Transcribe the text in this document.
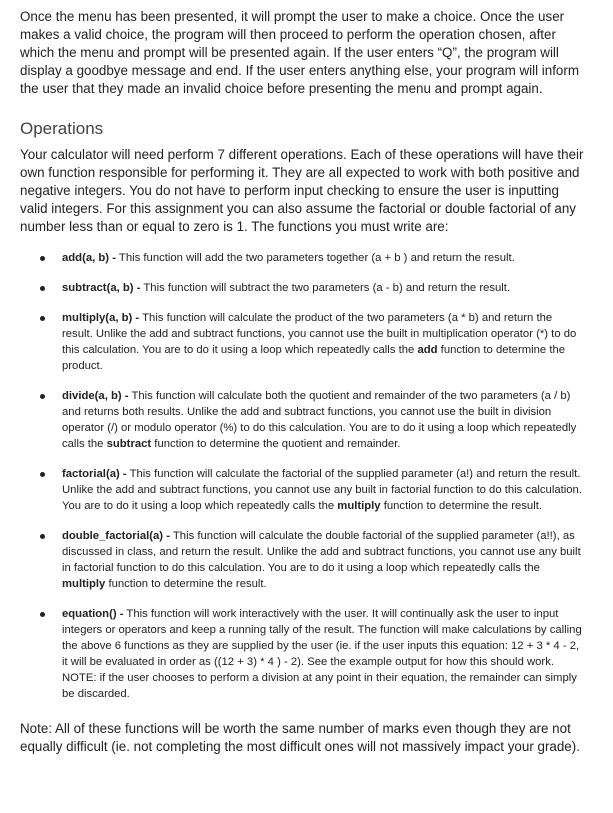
Once the menu has been presented, it will prompt the user to make a choice. Once the user makes a valid choice, the program will then proceed to perform the operation chosen, after which the menu and prompt will be presented again. If the user enters “Q”, the program will display a goodbye message and end. If the user enters anything else, your program will inform the user that they made an invalid choice before presenting the menu and prompt again.

Operations

Your calculator will need perform 7 different operations. Each of these operations will have their own function responsible for performing it. They are all expected to work with both positive and negative integers. You do not have to perform input checking to ensure the user is inputting valid integers. For this assignment you can also assume the factorial or double factorial of any number less than or equal to zero is 1. The functions you must write are:

add(a, b) - This function will add the two parameters together (a + b ) and return the result.
subtract(a, b) - This function will subtract the two parameters (a - b) and return the result.
multiply(a, b) - This function will calculate the product of the two parameters (a * b) and return the result. Unlike the add and subtract functions, you cannot use the built in multiplication operator (*) to do this calculation. You are to do it using a loop which repeatedly calls the add function to determine the product.
divide(a, b) - This function will calculate both the quotient and remainder of the two parameters (a / b) and returns both results. Unlike the add and subtract functions, you cannot use the built in division operator (/) or modulo operator (%) to do this calculation. You are to do it using a loop which repeatedly calls the subtract function to determine the quotient and remainder.
factorial(a) - This function will calculate the factorial of the supplied parameter (a!) and return the result. Unlike the add and subtract functions, you cannot use any built in factorial function to do this calculation. You are to do it using a loop which repeatedly calls the multiply function to determine the result.
double_factorial(a) - This function will calculate the double factorial of the supplied parameter (a!!), as discussed in class, and return the result. Unlike the add and subtract functions, you cannot use any built in factorial function to do this calculation. You are to do it using a loop which repeatedly calls the multiply function to determine the result.
equation() - This function will work interactively with the user. It will continually ask the user to input integers or operators and keep a running tally of the result. The function will make calculations by calling the above 6 functions as they are supplied by the user (ie. if the user inputs this equation: 12 + 3 * 4 - 2, it will be evaluated in order as ((12 + 3) * 4 ) - 2). See the example output for how this should work. NOTE: if the user chooses to perform a division at any point in their equation, the remainder can simply be discarded.

Note: All of these functions will be worth the same number of marks even though they are not equally difficult (ie. not completing the most difficult ones will not massively impact your grade).
